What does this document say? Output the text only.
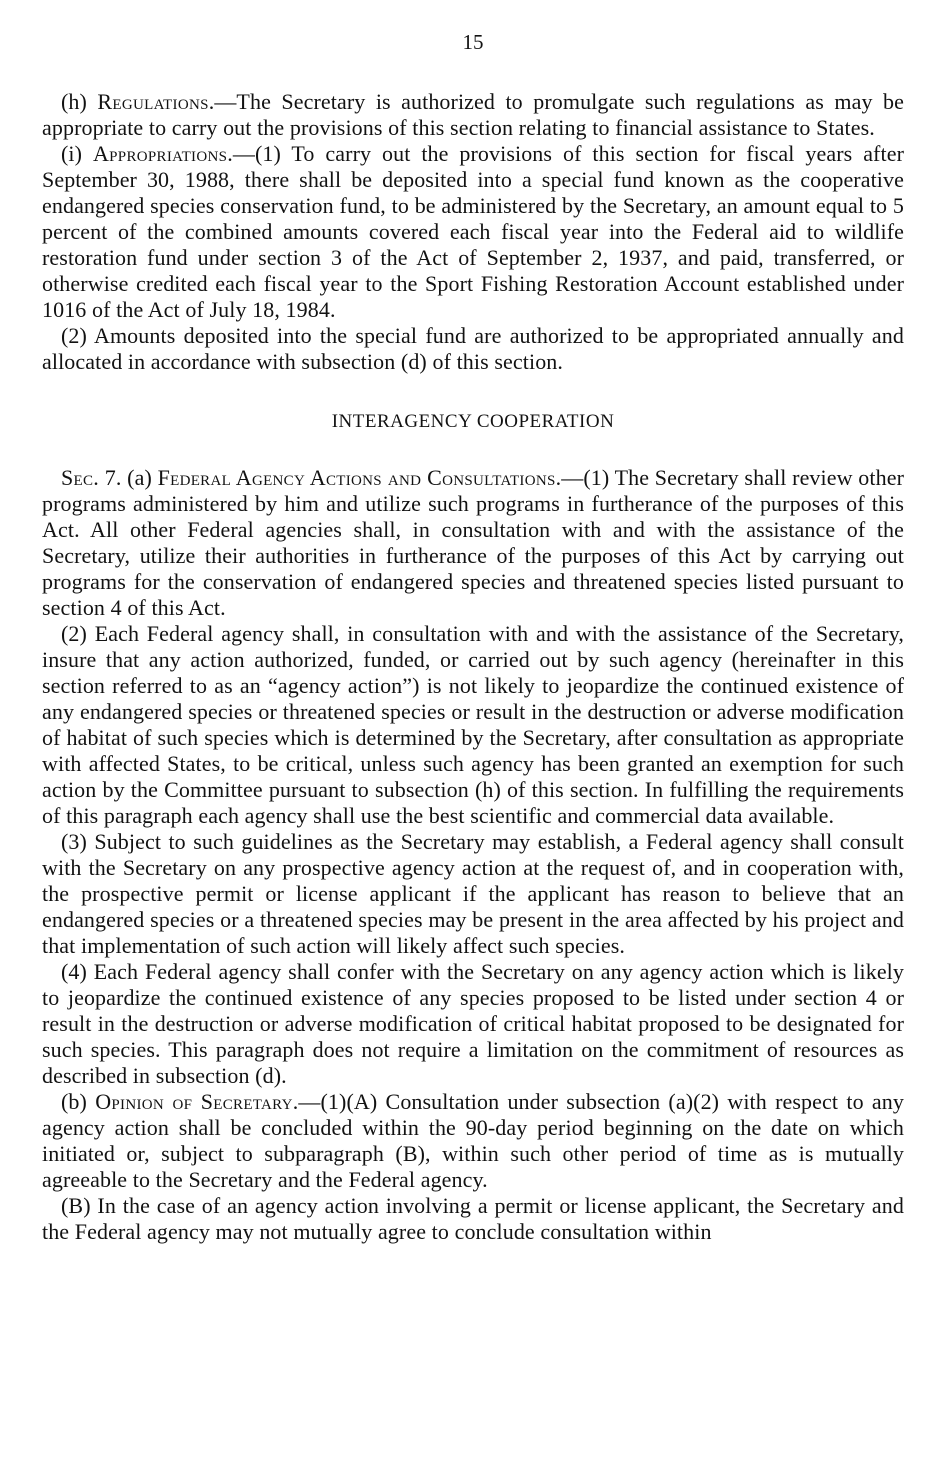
15

(h) Regulations.—The Secretary is authorized to promulgate such regulations as may be appropriate to carry out the provisions of this section relating to financial assistance to States.

(i) Appropriations.—(1) To carry out the provisions of this section for fiscal years after September 30, 1988, there shall be deposited into a special fund known as the cooperative endangered species conservation fund, to be administered by the Secretary, an amount equal to 5 percent of the combined amounts covered each fiscal year into the Federal aid to wildlife restoration fund under section 3 of the Act of September 2, 1937, and paid, transferred, or otherwise credited each fiscal year to the Sport Fishing Restoration Account established under 1016 of the Act of July 18, 1984.

(2) Amounts deposited into the special fund are authorized to be appropriated annually and allocated in accordance with subsection (d) of this section.

INTERAGENCY COOPERATION

Sec. 7. (a) Federal Agency Actions and Consultations.—(1) The Secretary shall review other programs administered by him and utilize such programs in furtherance of the purposes of this Act. All other Federal agencies shall, in consultation with and with the assistance of the Secretary, utilize their authorities in furtherance of the purposes of this Act by carrying out programs for the conservation of endangered species and threatened species listed pursuant to section 4 of this Act.

(2) Each Federal agency shall, in consultation with and with the assistance of the Secretary, insure that any action authorized, funded, or carried out by such agency (hereinafter in this section referred to as an “agency action”) is not likely to jeopardize the continued existence of any endangered species or threatened species or result in the destruction or adverse modification of habitat of such species which is determined by the Secretary, after consultation as appropriate with affected States, to be critical, unless such agency has been granted an exemption for such action by the Committee pursuant to subsection (h) of this section. In fulfilling the requirements of this paragraph each agency shall use the best scientific and commercial data available.

(3) Subject to such guidelines as the Secretary may establish, a Federal agency shall consult with the Secretary on any prospective agency action at the request of, and in cooperation with, the prospective permit or license applicant if the applicant has reason to believe that an endangered species or a threatened species may be present in the area affected by his project and that implementation of such action will likely affect such species.

(4) Each Federal agency shall confer with the Secretary on any agency action which is likely to jeopardize the continued existence of any species proposed to be listed under section 4 or result in the destruction or adverse modification of critical habitat proposed to be designated for such species. This paragraph does not require a limitation on the commitment of resources as described in subsection (d).

(b) Opinion of Secretary.—(1)(A) Consultation under subsection (a)(2) with respect to any agency action shall be concluded within the 90-day period beginning on the date on which initiated or, subject to subparagraph (B), within such other period of time as is mutually agreeable to the Secretary and the Federal agency.

(B) In the case of an agency action involving a permit or license applicant, the Secretary and the Federal agency may not mutually agree to conclude consultation within
